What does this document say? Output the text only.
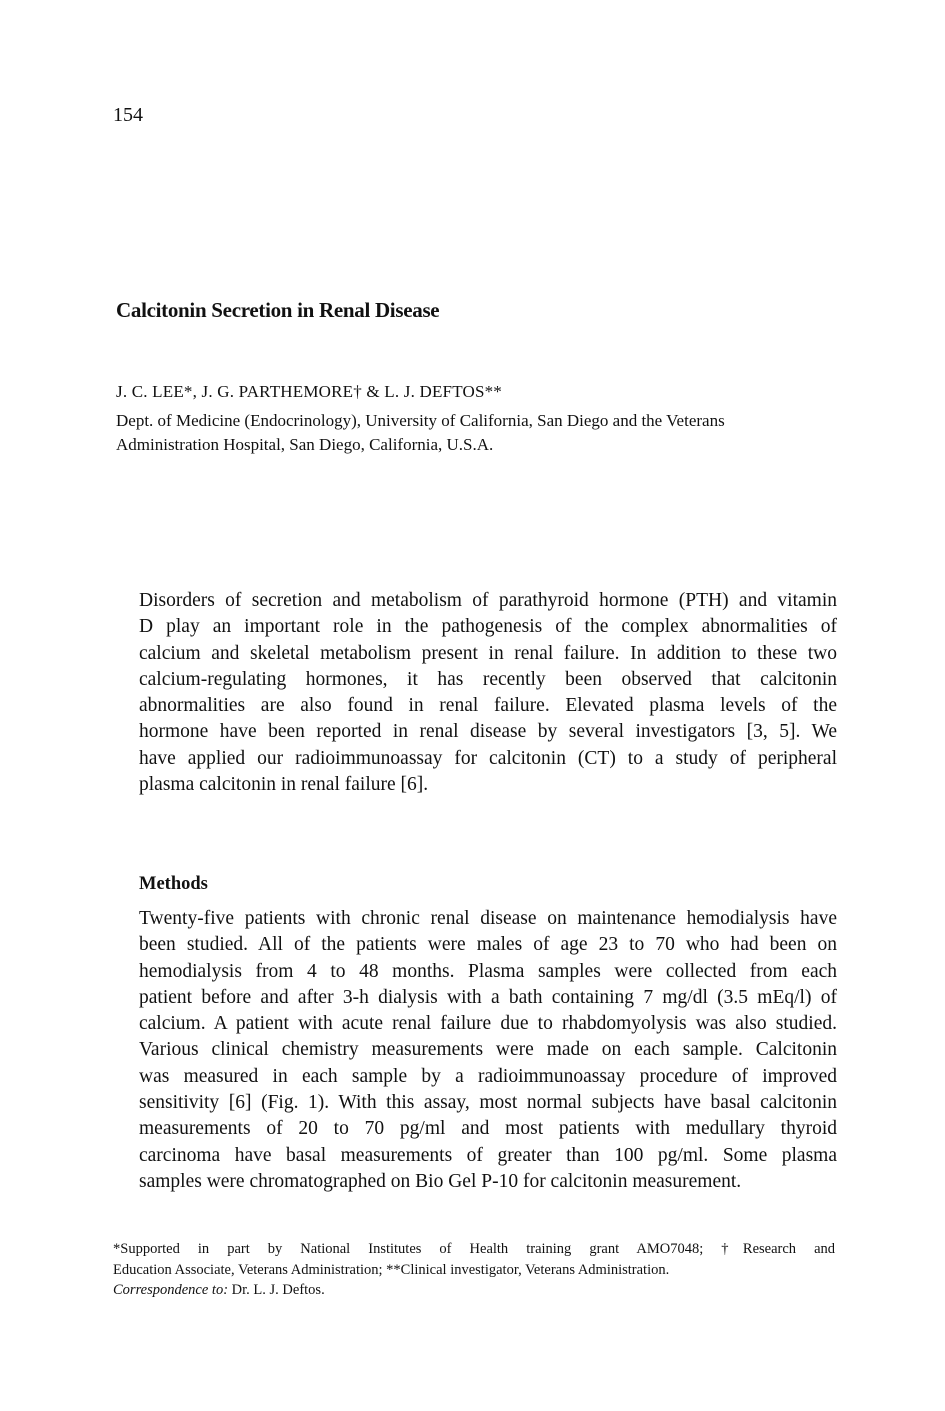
154
Calcitonin Secretion in Renal Disease
J. C. LEE*, J. G. PARTHEMORE† & L. J. DEFTOS**

Dept. of Medicine (Endocrinology), University of California, San Diego and the Veterans
Administration Hospital, San Diego, California, U.S.A.

Disorders of secretion and metabolism of parathyroid hormone (PTH) and vitamin
D play an important role in the pathogenesis of the complex abnormalities of
calcium and skeletal metabolism present in renal failure. In addition to these two
calcium-regulating hormones, it has recently been observed that calcitonin
abnormalities are also found in renal failure. Elevated plasma levels of the
hormone have been reported in renal disease by several investigators [3, 5]. We
have applied our radioimmunoassay for calcitonin (CT) to a study of peripheral
plasma calcitonin in renal failure [6].

Methods

Twenty-five patients with chronic renal disease on maintenance hemodialysis have
been studied. All of the patients were males of age 23 to 70 who had been on
hemodialysis from 4 to 48 months. Plasma samples were collected from each
patient before and after 3-h dialysis with a bath containing 7 mg/dl (3.5 mEq/l) of
calcium. A patient with acute renal failure due to rhabdomyolysis was also studied.
Various clinical chemistry measurements were made on each sample. Calcitonin
was measured in each sample by a radioimmunoassay procedure of improved
sensitivity [6] (Fig. 1). With this assay, most normal subjects have basal calcitonin
measurements of 20 to 70 pg/ml and most patients with medullary thyroid
carcinoma have basal measurements of greater than 100 pg/ml. Some plasma
samples were chromatographed on Bio Gel P-10 for calcitonin measurement.

*Supported in part by National Institutes of Health training grant AMO7048; †Research and
Education Associate, Veterans Administration; **Clinical investigator, Veterans Administration.
Correspondence to: Dr. L. J. Deftos.
